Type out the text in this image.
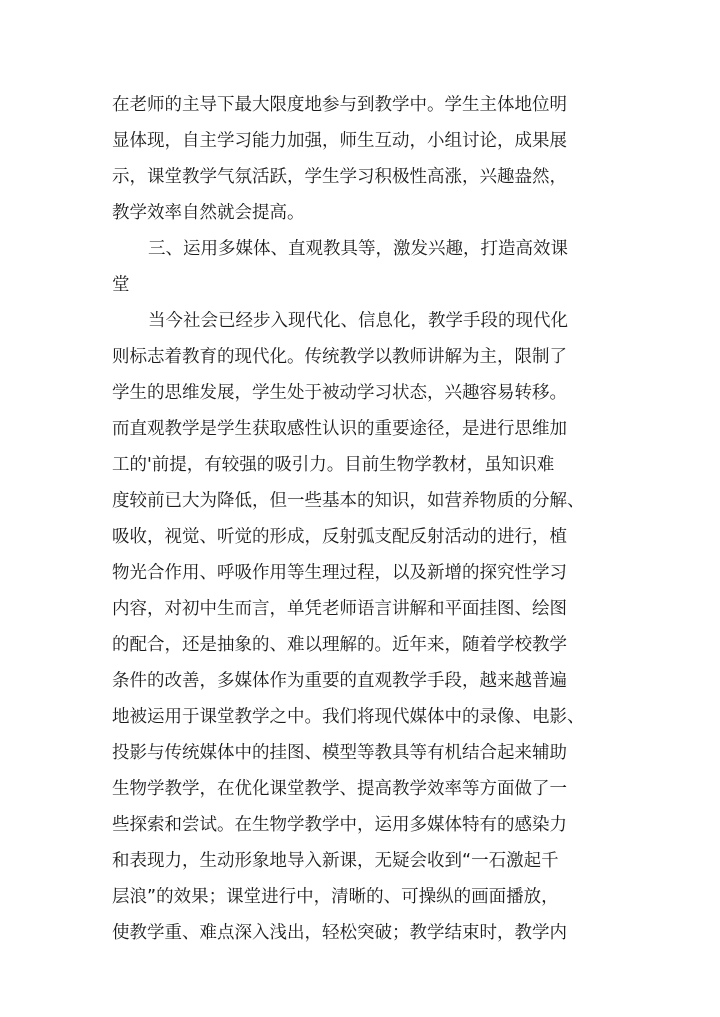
在老师的主导下最大限度地参与到教学中。学生主体地位明
显体现，自主学习能力加强，师生互动，小组讨论，成果展
示，课堂教学气氛活跃，学生学习积极性高涨，兴趣盎然，
教学效率自然就会提高。
三、运用多媒体、直观教具等，激发兴趣，打造高效课
堂
当今社会已经步入现代化、信息化，教学手段的现代化
则标志着教育的现代化。传统教学以教师讲解为主，限制了
学生的思维发展，学生处于被动学习状态，兴趣容易转移。
而直观教学是学生获取感性认识的重要途径，是进行思维加
工的'前提，有较强的吸引力。目前生物学教材，虽知识难
度较前已大为降低，但一些基本的知识，如营养物质的分解、
吸收，视觉、听觉的形成，反射弧支配反射活动的进行，植
物光合作用、呼吸作用等生理过程，以及新增的探究性学习
内容，对初中生而言，单凭老师语言讲解和平面挂图、绘图
的配合，还是抽象的、难以理解的。近年来，随着学校教学
条件的改善，多媒体作为重要的直观教学手段，越来越普遍
地被运用于课堂教学之中。我们将现代媒体中的录像、电影、
投影与传统媒体中的挂图、模型等教具等有机结合起来辅助
生物学教学，在优化课堂教学、提高教学效率等方面做了一
些探索和尝试。在生物学教学中，运用多媒体特有的感染力
和表现力，生动形象地导入新课，无疑会收到“一石激起千
层浪”的效果；课堂进行中，清晰的、可操纵的画面播放，
使教学重、难点深入浅出，轻松突破；教学结束时，教学内
